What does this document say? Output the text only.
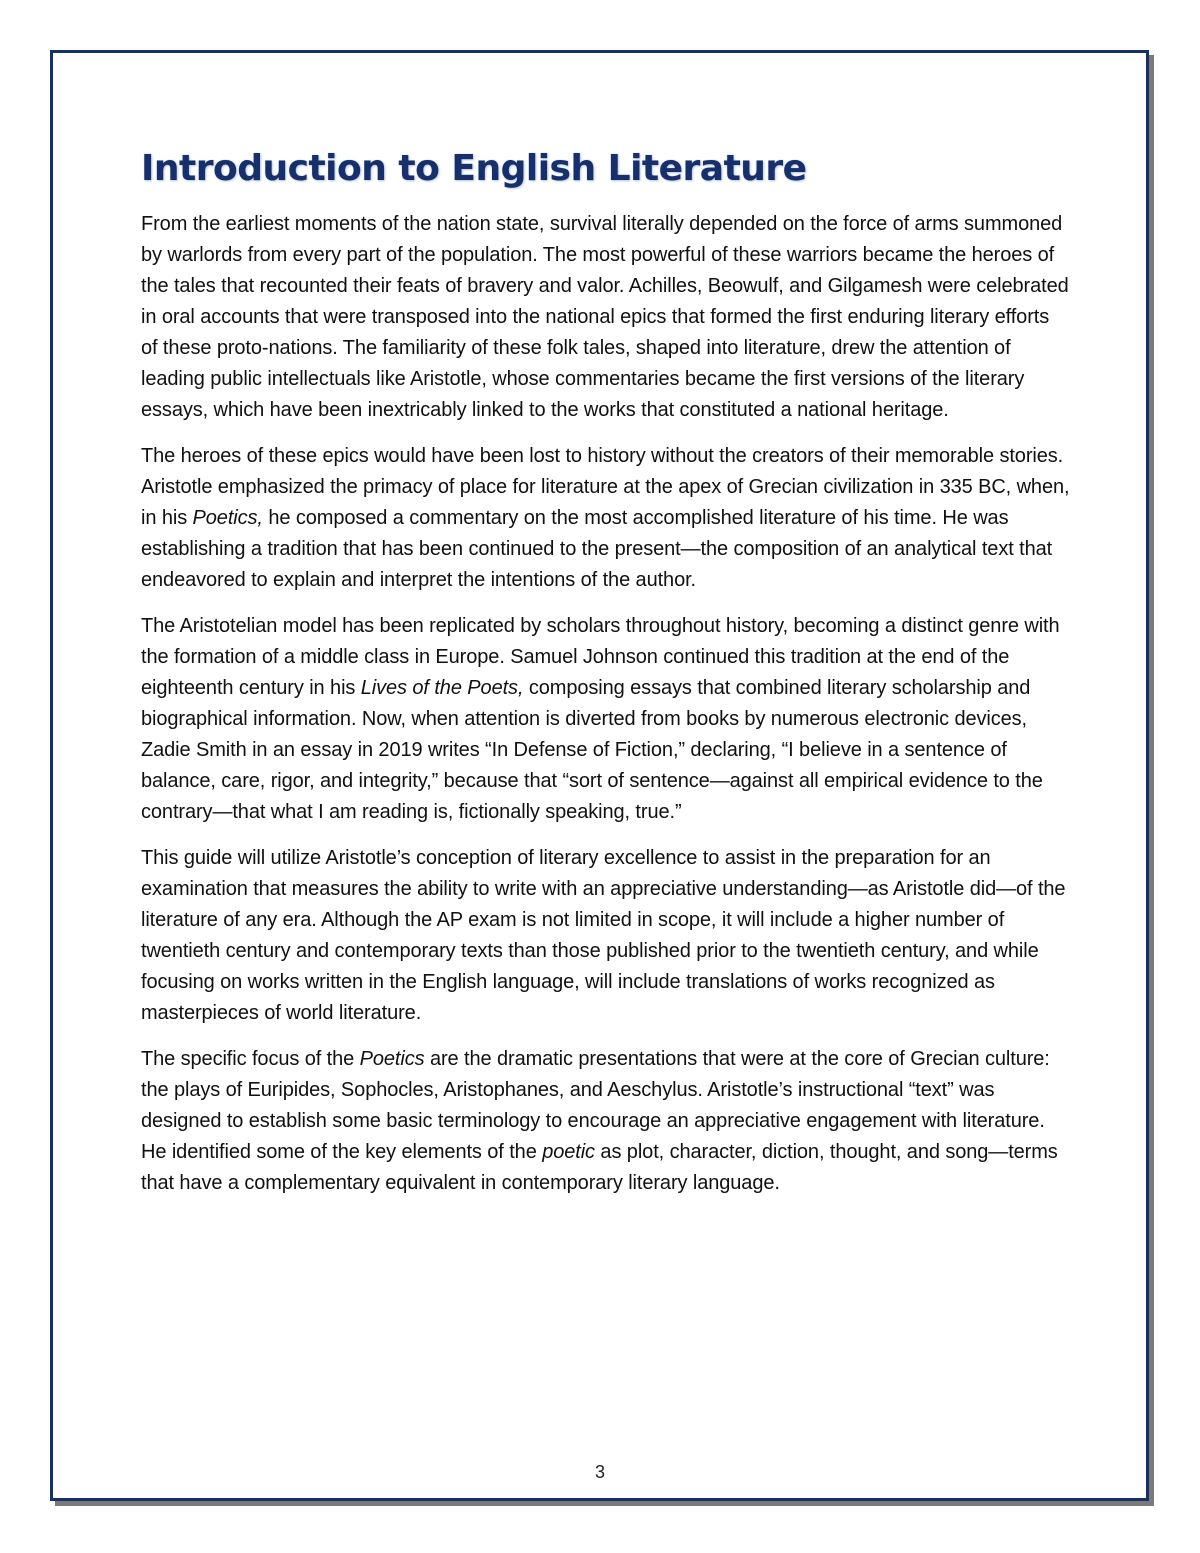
Introduction to English Literature

From the earliest moments of the nation state, survival literally depended on the force of arms summoned by warlords from every part of the population. The most powerful of these warriors became the heroes of the tales that recounted their feats of bravery and valor. Achilles, Beowulf, and Gilgamesh were celebrated in oral accounts that were transposed into the national epics that formed the first enduring literary efforts of these proto-nations. The familiarity of these folk tales, shaped into literature, drew the attention of leading public intellectuals like Aristotle, whose commentaries became the first versions of the literary essays, which have been inextricably linked to the works that constituted a national heritage.

The heroes of these epics would have been lost to history without the creators of their memorable stories. Aristotle emphasized the primacy of place for literature at the apex of Grecian civilization in 335 BC, when, in his Poetics, he composed a commentary on the most accomplished literature of his time. He was establishing a tradition that has been continued to the present—the composition of an analytical text that endeavored to explain and interpret the intentions of the author.

The Aristotelian model has been replicated by scholars throughout history, becoming a distinct genre with the formation of a middle class in Europe. Samuel Johnson continued this tradition at the end of the eighteenth century in his Lives of the Poets, composing essays that combined literary scholarship and biographical information. Now, when attention is diverted from books by numerous electronic devices, Zadie Smith in an essay in 2019 writes “In Defense of Fiction,” declaring, “I believe in a sentence of balance, care, rigor, and integrity,” because that “sort of sentence—against all empirical evidence to the contrary—that what I am reading is, fictionally speaking, true.”

This guide will utilize Aristotle’s conception of literary excellence to assist in the preparation for an examination that measures the ability to write with an appreciative understanding—as Aristotle did—of the literature of any era. Although the AP exam is not limited in scope, it will include a higher number of twentieth century and contemporary texts than those published prior to the twentieth century, and while focusing on works written in the English language, will include translations of works recognized as masterpieces of world literature.

The specific focus of the Poetics are the dramatic presentations that were at the core of Grecian culture: the plays of Euripides, Sophocles, Aristophanes, and Aeschylus. Aristotle’s instructional “text” was designed to establish some basic terminology to encourage an appreciative engagement with literature. He identified some of the key elements of the poetic as plot, character, diction, thought, and song—terms that have a complementary equivalent in contemporary literary language.

3
